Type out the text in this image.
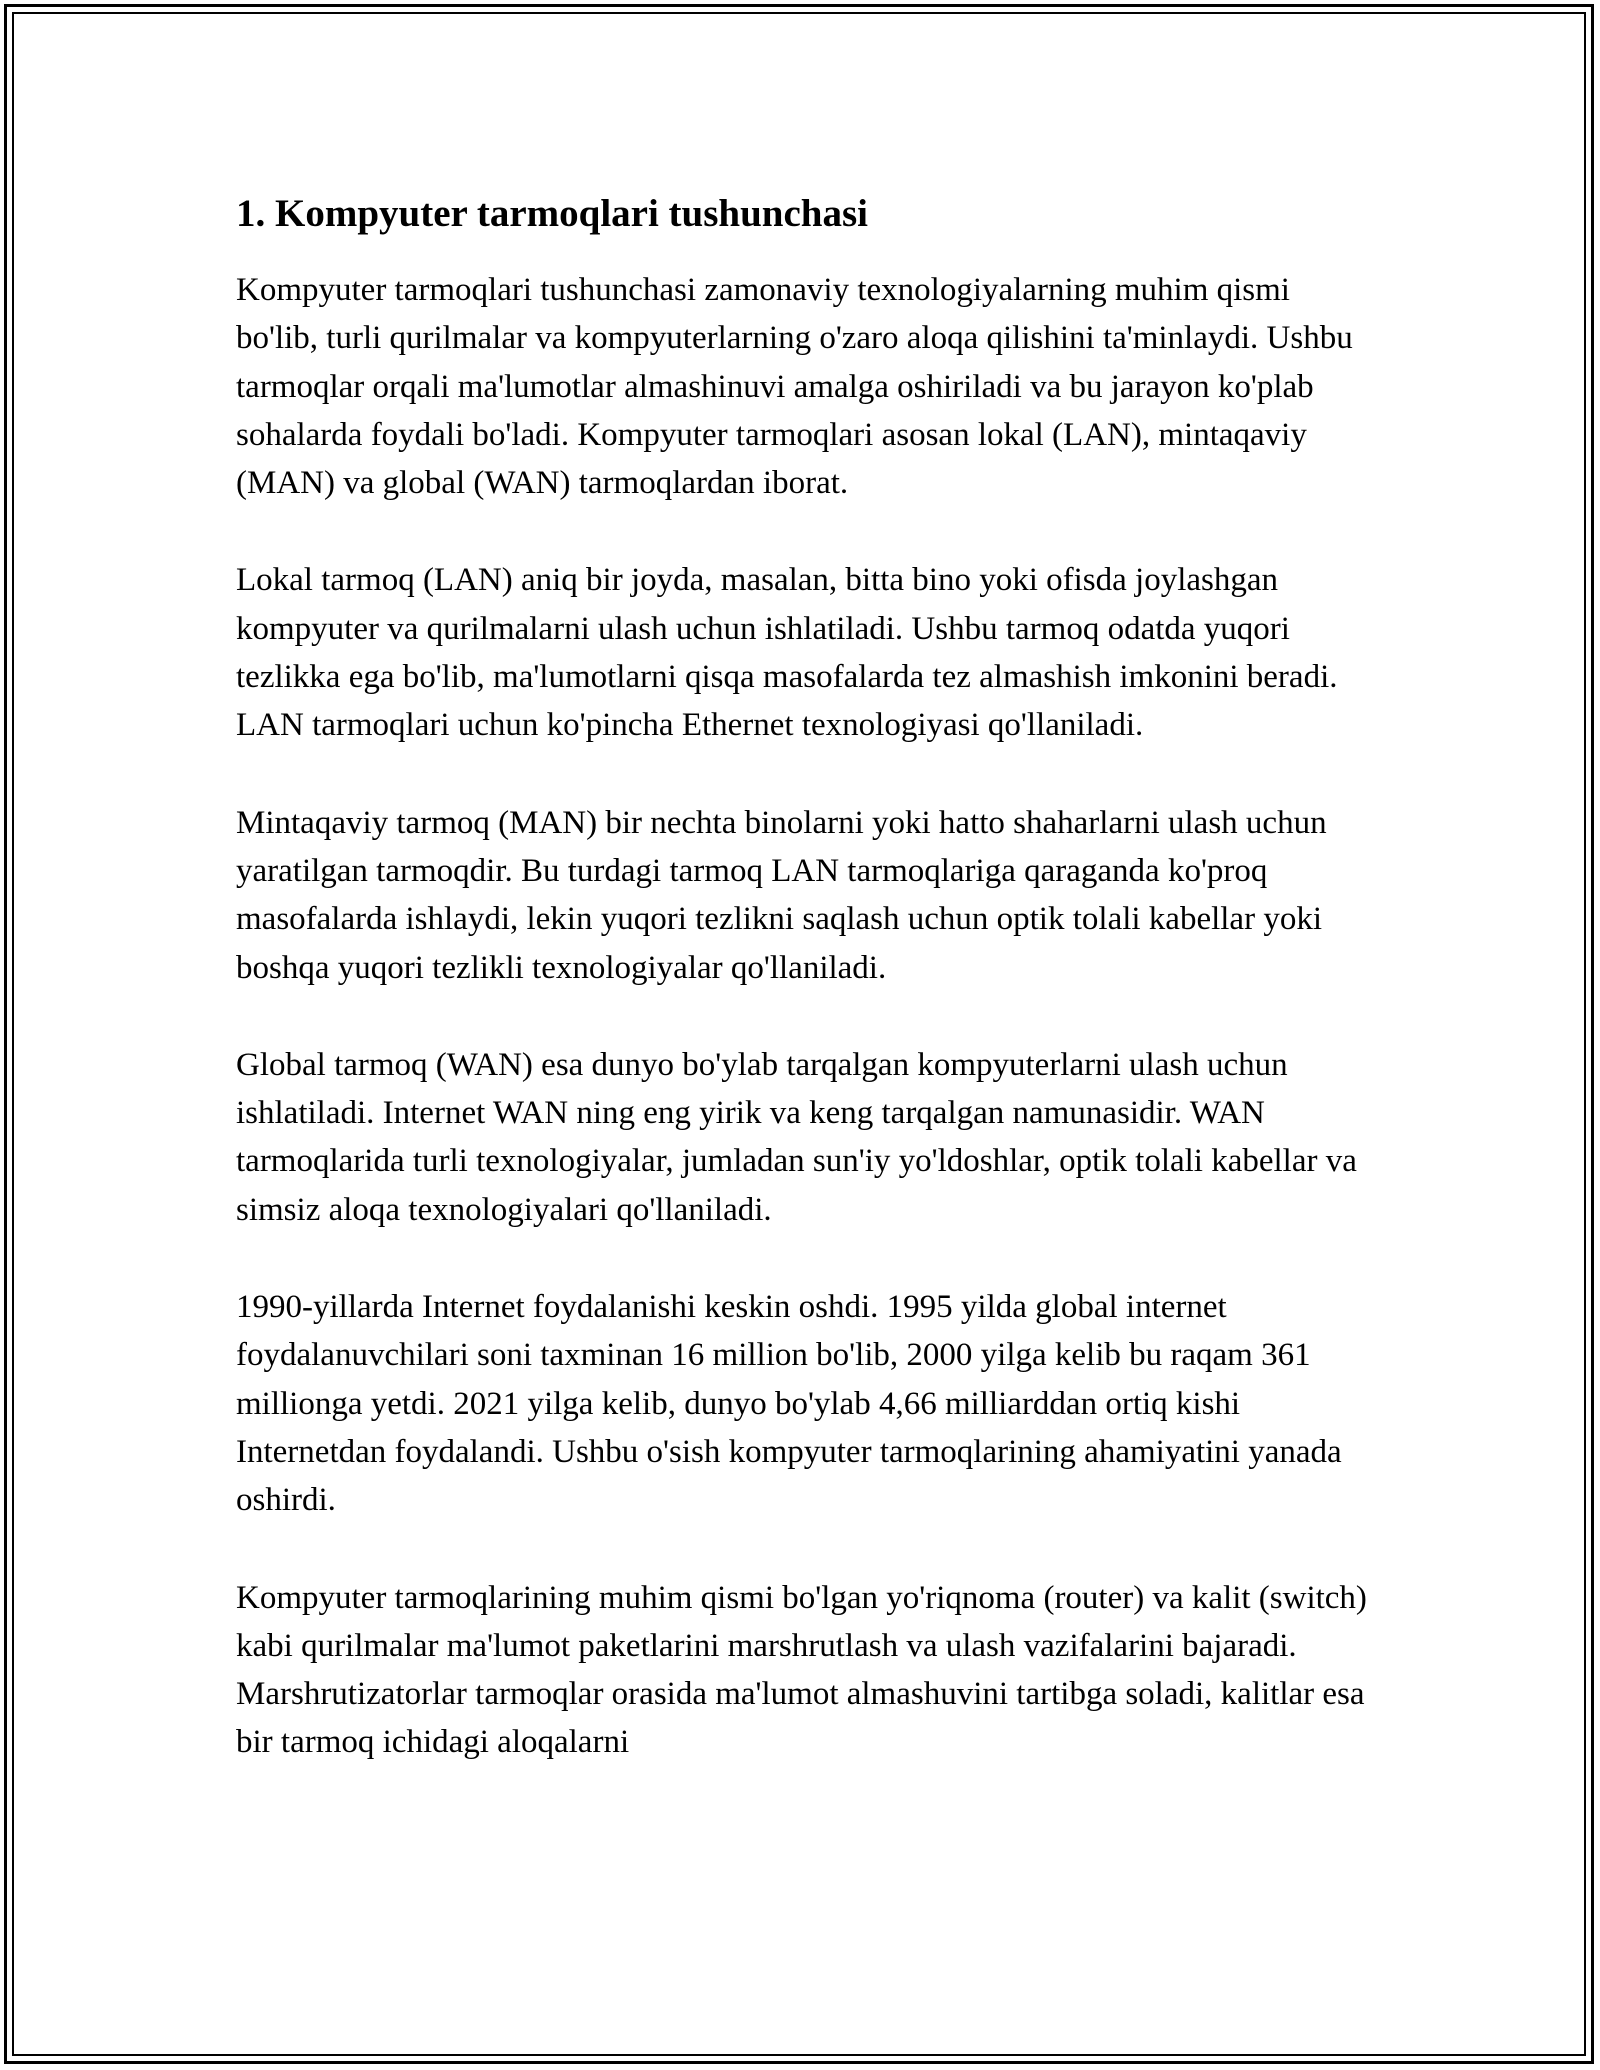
1. Kompyuter tarmoqlari tushunchasi

Kompyuter tarmoqlari tushunchasi zamonaviy texnologiyalarning muhim qismi bo'lib, turli qurilmalar va kompyuterlarning o'zaro aloqa qilishini ta'minlaydi. Ushbu tarmoqlar orqali ma'lumotlar almashinuvi amalga oshiriladi va bu jarayon ko'plab sohalarda foydali bo'ladi. Kompyuter tarmoqlari asosan lokal (LAN), mintaqaviy (MAN) va global (WAN) tarmoqlardan iborat.

Lokal tarmoq (LAN) aniq bir joyda, masalan, bitta bino yoki ofisda joylashgan kompyuter va qurilmalarni ulash uchun ishlatiladi. Ushbu tarmoq odatda yuqori tezlikka ega bo'lib, ma'lumotlarni qisqa masofalarda tez almashish imkonini beradi. LAN tarmoqlari uchun ko'pincha Ethernet texnologiyasi qo'llaniladi.

Mintaqaviy tarmoq (MAN) bir nechta binolarni yoki hatto shaharlarni ulash uchun yaratilgan tarmoqdir. Bu turdagi tarmoq LAN tarmoqlariga qaraganda ko'proq masofalarda ishlaydi, lekin yuqori tezlikni saqlash uchun optik tolali kabellar yoki boshqa yuqori tezlikli texnologiyalar qo'llaniladi.

Global tarmoq (WAN) esa dunyo bo'ylab tarqalgan kompyuterlarni ulash uchun ishlatiladi. Internet WAN ning eng yirik va keng tarqalgan namunasidir. WAN tarmoqlarida turli texnologiyalar, jumladan sun'iy yo'ldoshlar, optik tolali kabellar va simsiz aloqa texnologiyalari qo'llaniladi.

1990-yillarda Internet foydalanishi keskin oshdi. 1995 yilda global internet foydalanuvchilari soni taxminan 16 million bo'lib, 2000 yilga kelib bu raqam 361 millionga yetdi. 2021 yilga kelib, dunyo bo'ylab 4,66 milliarddan ortiq kishi Internetdan foydalandi. Ushbu o'sish kompyuter tarmoqlarining ahamiyatini yanada oshirdi.

Kompyuter tarmoqlarining muhim qismi bo'lgan yo'riqnoma (router) va kalit (switch) kabi qurilmalar ma'lumot paketlarini marshrutlash va ulash vazifalarini bajaradi. Marshrutizatorlar tarmoqlar orasida ma'lumot almashuvini tartibga soladi, kalitlar esa bir tarmoq ichidagi aloqalarni
